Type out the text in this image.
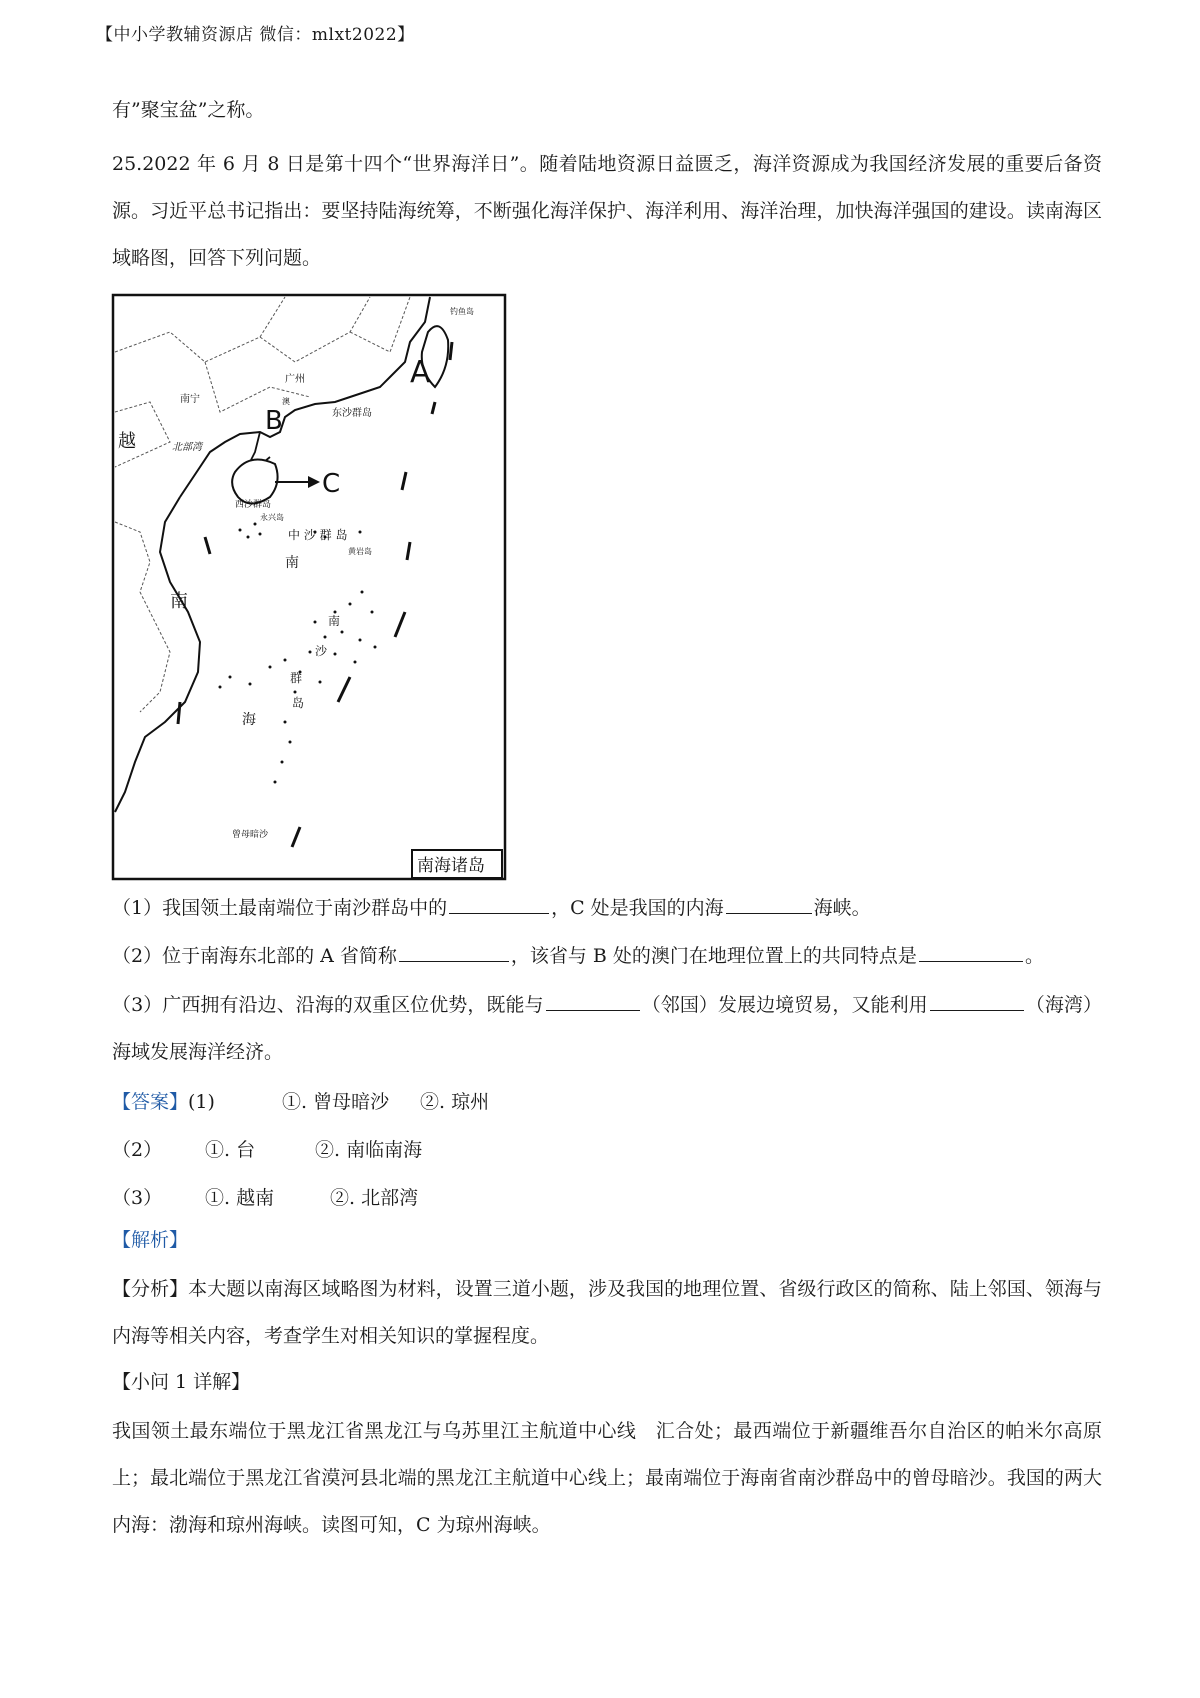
【中小学教辅资源店 微信：mlxt2022】
有”聚宝盆”之称。
25.2022 年 6 月 8 日是第十四个“世界海洋日”。随着陆地资源日益匮乏，海洋资源成为我国经济发展的重要后备资源。习近平总书记指出：要坚持陆海统筹，不断强化海洋保护、海洋利用、海洋治理，加快海洋强国的建设。读南海区域略图，回答下列问题。
A
B
C
钓鱼岛
广州
南宁	澳
越	北部湾
东沙群岛
西沙群岛
永兴岛
中 沙 群 岛
黄岩岛
南
南
南
沙
群
岛
海
曾母暗沙
南海诸岛
（1）我国领土最南端位于南沙群岛中的	，C 处是我国的内海	海峡。
（2）位于南海东北部的 A 省简称	，该省与 B 处的澳门在地理位置上的共同特点是	。
（3）广西拥有沿边、沿海的双重区位优势，既能与	（邻国）发展边境贸易，又能利用	（海湾）海域发展海洋经济。
【答案】(1)	①. 曾母暗沙 ②. 琼州
（2） ①. 台	②. 南临南海
（3） ①. 越南	②. 北部湾
【解析】
【分析】本大题以南海区域略图为材料，设置三道小题，涉及我国的地理位置、省级行政区的简称、陆上邻国、领海与内海等相关内容，考查学生对相关知识的掌握程度。
【小问 1 详解】
我国领土最东端位于黑龙江省黑龙江与乌苏里江主航道中心线　汇合处；最西端位于新疆维吾尔自治区的帕米尔高原上；最北端位于黑龙江省漠河县北端的黑龙江主航道中心线上；最南端位于海南省南沙群岛中的曾母暗沙。我国的两大内海：渤海和琼州海峡。读图可知，C 为琼州海峡。
